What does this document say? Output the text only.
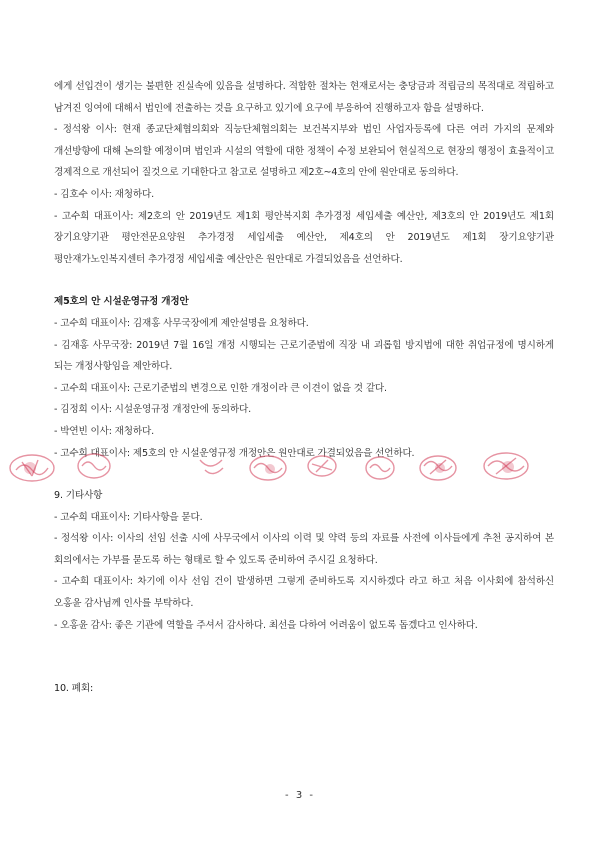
에게 선입견이 생기는 불편한 진실속에 있음을 설명하다. 적합한 절차는 현재로서는 충당금과 적립금의 목적대로 적립하고 남겨진 잉여에 대해서 법인에 전출하는 것을 요구하고 있기에 요구에 부응하여 진행하고자 함을 설명하다.

- 정석왕 이사: 현재 종교단체협의회와 직능단체협의회는 보건복지부와 법인 사업자등록에 다른 여러 가지의 문제와 개선방향에 대해 논의할 예정이며 법인과 시설의 역할에 대한 정책이 수정 보완되어 현실적으로 현장의 행정이 효율적이고 경제적으로 개선되어 질것으로 기대한다고 참고로 설명하고 제2호~4호의 안에 원안대로 동의하다.

- 김호수 이사: 재청하다.

- 고수희 대표이사: 제2호의 안 2019년도 제1회 평안복지회 추가경정 세입세출 예산안, 제3호의 안 2019년도 제1회 장기요양기관 평안전문요양원 추가경정 세입세출 예산안, 제4호의 안 2019년도 제1회 장기요양기관 평안재가노인복지센터 추가경정 세입세출 예산안은 원안대로 가결되었음을 선언하다.

제5호의 안 시설운영규정 개정안

- 고수희 대표이사: 김재홍 사무국장에게 제안설명을 요청하다.

- 김재홍 사무국장: 2019년 7월 16일 개정 시행되는 근로기준법에 직장 내 괴롭힘 방지법에 대한 취업규정에 명시하게 되는 개정사항임을 제안하다.

- 고수희 대표이사: 근로기준법의 변경으로 인한 개정이라 큰 이견이 없을 것 같다.

- 김정희 이사: 시설운영규정 개정안에 동의하다.

- 박연빈 이사: 재청하다.

- 고수희 대표이사: 제5호의 안 시설운영규정 개정안은 원안대로 가결되었음을 선언하다.

9. 기타사항

- 고수희 대표이사: 기타사항을 묻다.

- 정석왕 이사: 이사의 선임 선출 시에 사무국에서 이사의 이력 및 약력 등의 자료를 사전에 이사들에게 추천 공지하여 본 회의에서는 가부를 묻도록 하는 형태로 할 수 있도록 준비하여 주시길 요청하다.

- 고수희 대표이사: 차기에 이사 선임 건이 발생하면 그렇게 준비하도록 지시하겠다 라고 하고 처음 이사회에 참석하신 오홍윤 감사님께 인사를 부탁하다.

- 오홍윤 감사: 좋은 기관에 역할을 주셔서 감사하다. 최선을 다하여 어려움이 없도록 돕겠다고 인사하다.

10. 폐회:

- 3 -
